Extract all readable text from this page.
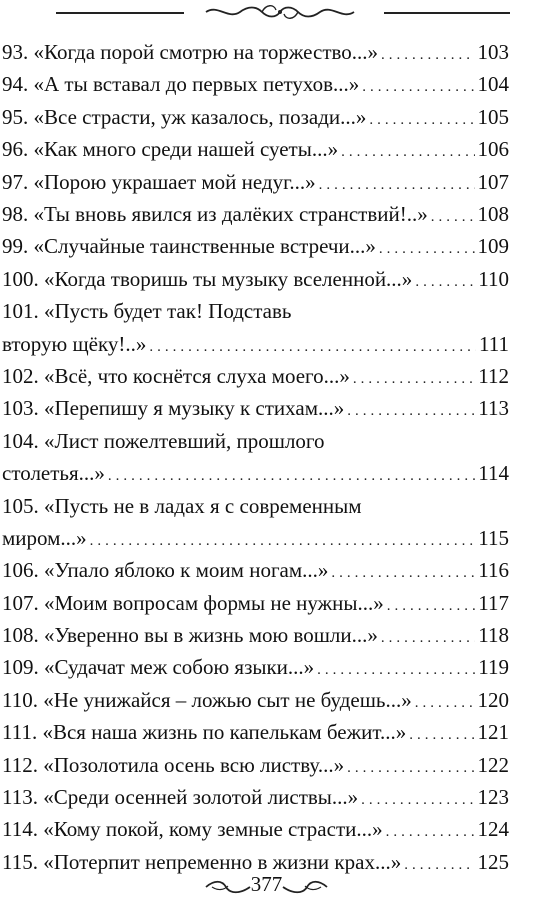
93.
«Когда порой смотрю на торжество...» .....	103
94.
«А ты вставал до первых петухов...» .....	104
95.
«Все страсти, уж казалось, позади...» .....	105
96.
«Как много среди нашей суеты...» .....	106
97.
«Порою украшает мой недуг...» .....	107
98.
«Ты вновь явился из далёких странствий!..» ..... 108
99.
«Случайные таинственные встречи...» .....	109
100.
«Когда творишь ты музыку вселенной...» .....	110
101. «Пусть будет так! Подставь
вторую щёку!..» .....	111
102.
«Всё, что коснётся слуха моего...» .....	112
103.
«Перепишу я музыку к стихам...» .....	113
104. «Лист пожелтевший, прошлого
столетья...» .....	114
105. «Пусть не в ладах я с современным
миром...» .....	115
106.
«Упало яблоко к моим ногам...» .....	116
107.
«Моим вопросам формы не нужны...» .....	117
108.
«Уверенно вы в жизнь мою вошли...» .....	118
109.
«Судачат меж собою языки...» .....	119
110.
«Не унижайся – ложью сыт не будешь...» .....	120
111.
«Вся наша жизнь по капелькам бежит...» .....	121
112.
«Позолотила осень всю листву...» .....	122
113.
«Среди осенней золотой листвы...» .....	123
114.
«Кому покой, кому земные страсти...» .....	124
115.
«Потерпит непременно в жизни крах...» .....	125
377
